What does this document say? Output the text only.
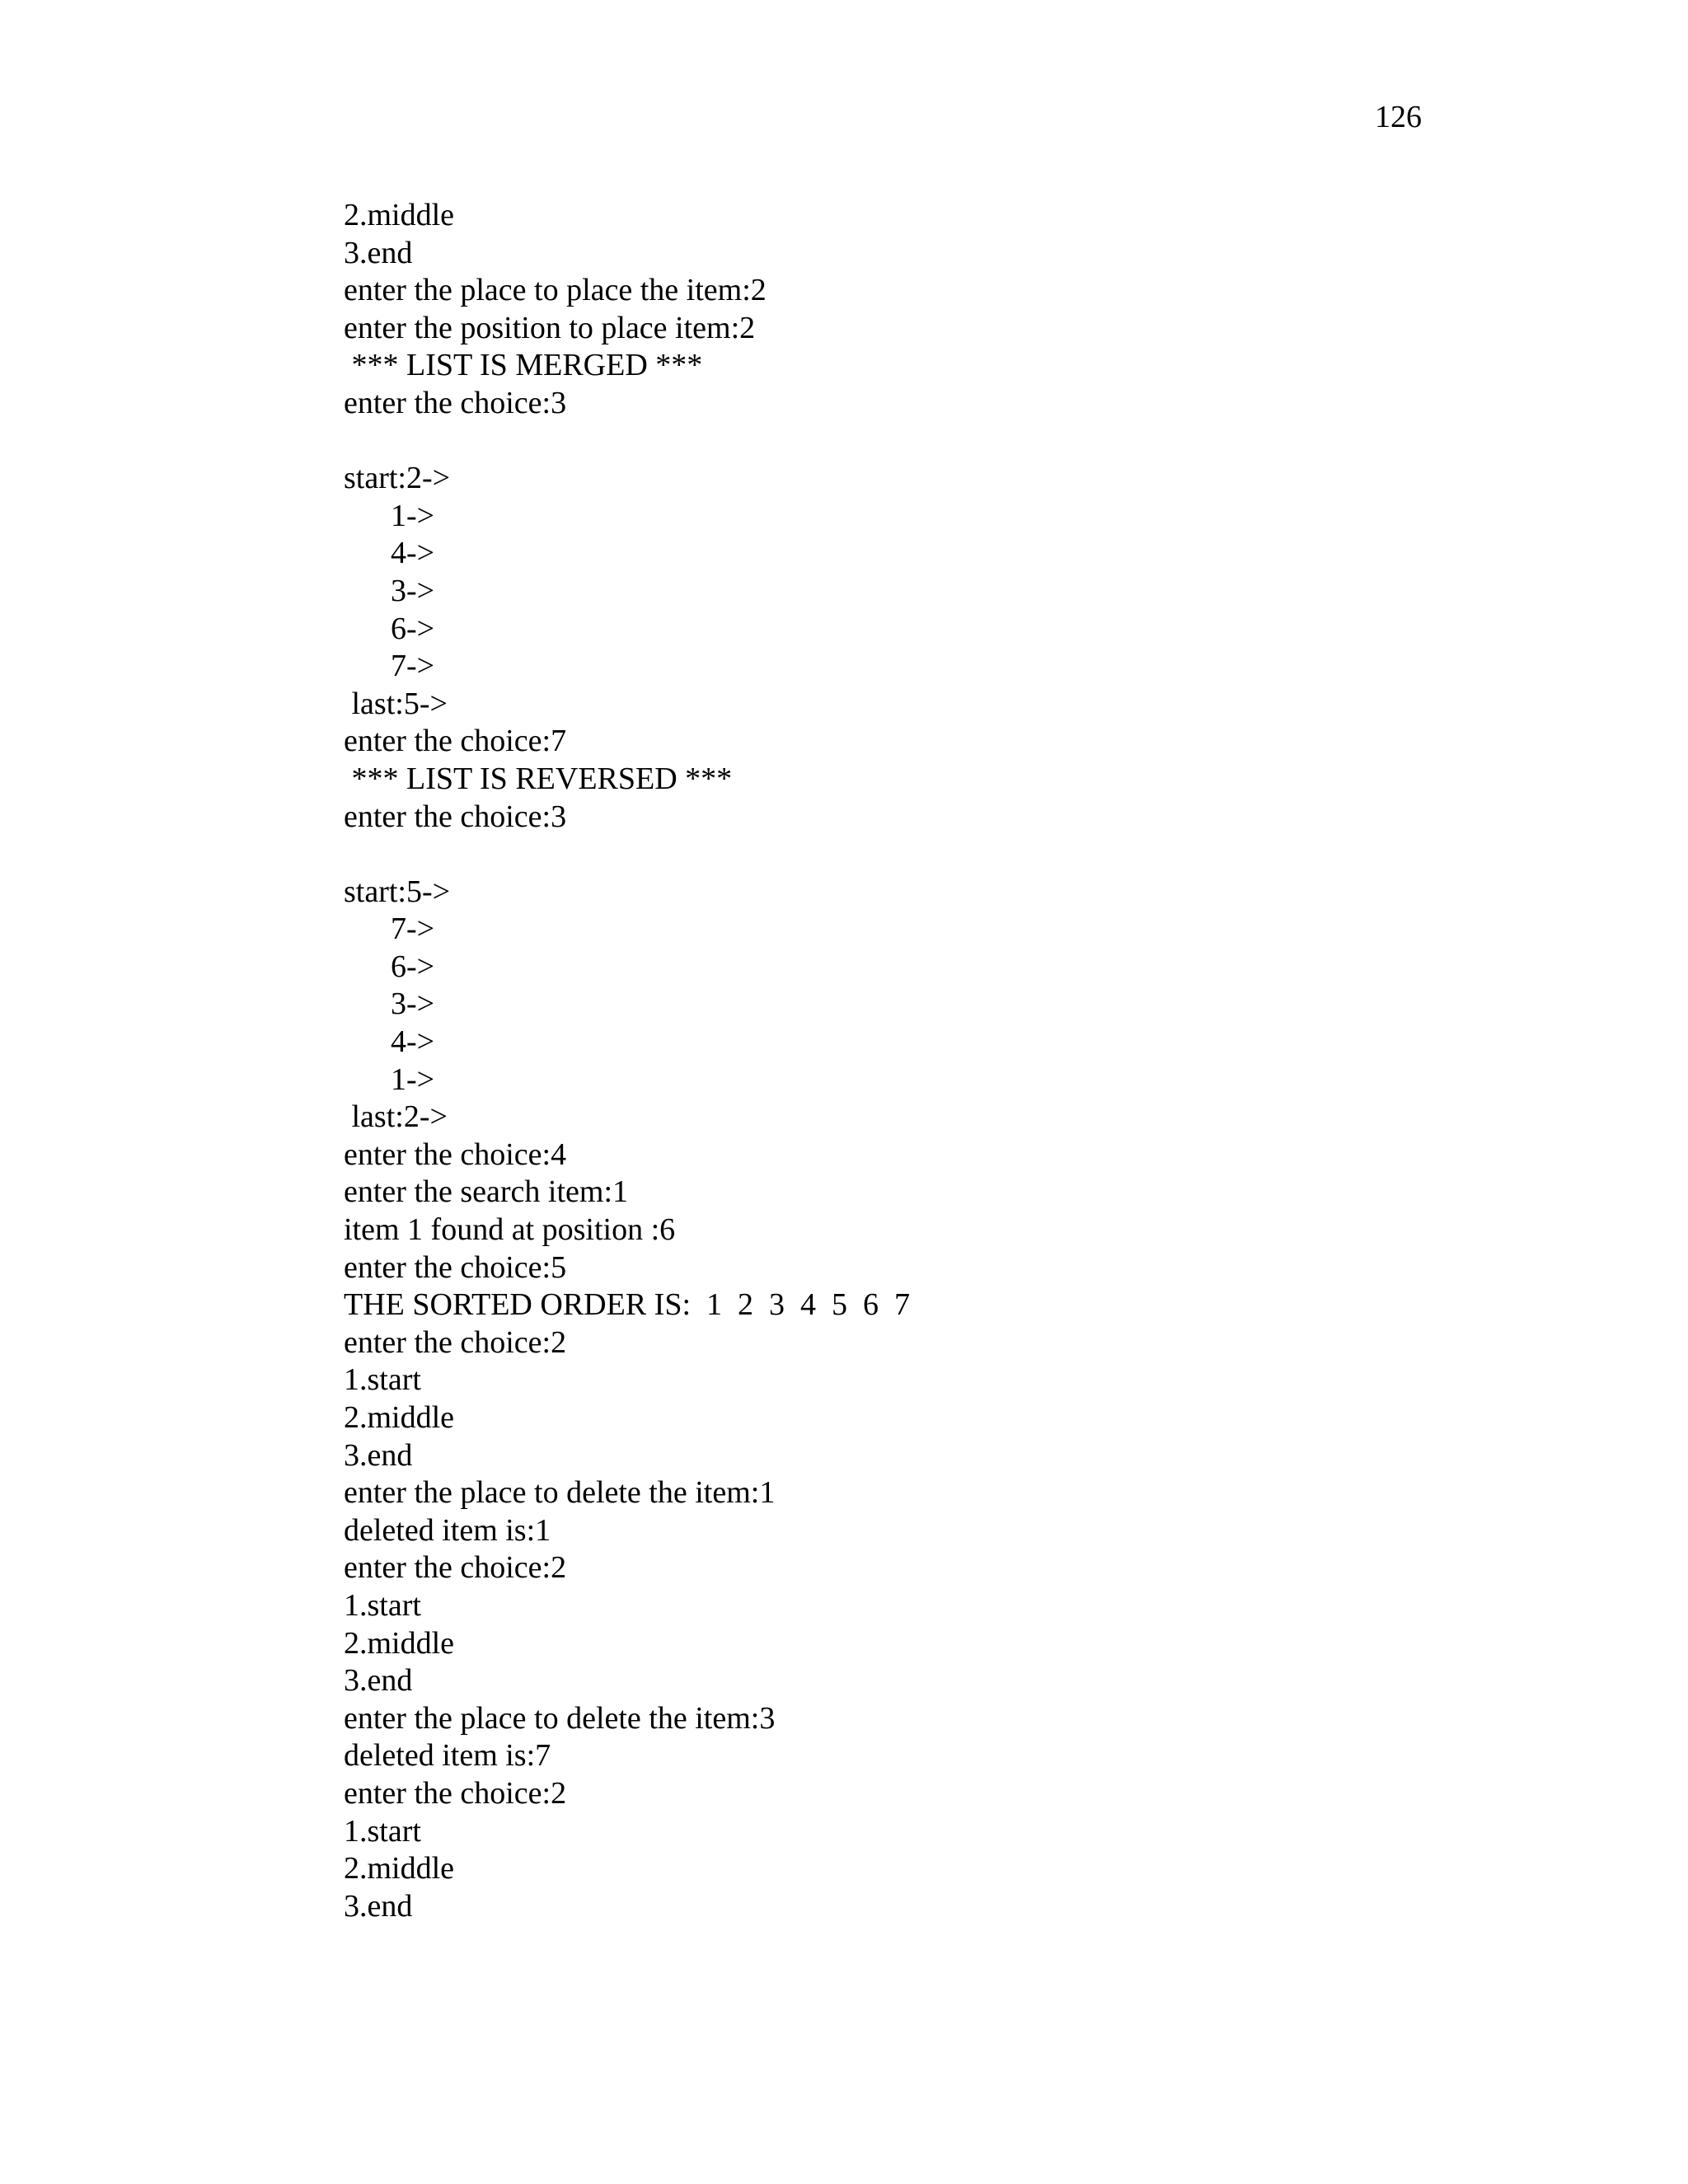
126
2.middle
3.end
enter the place to place the item:2
enter the position to place item:2
*** LIST IS MERGED ***
enter the choice:3
start:2->
1->
4->
3->
6->
7->
last:5->
enter the choice:7
*** LIST IS REVERSED ***
enter the choice:3
start:5->
7->
6->
3->
4->
1->
last:2->
enter the choice:4
enter the search item:1
item 1 found at position :6
enter the choice:5
THE SORTED ORDER IS:  1  2  3  4  5  6  7
enter the choice:2
1.start
2.middle
3.end
enter the place to delete the item:1
deleted item is:1
enter the choice:2
1.start
2.middle
3.end
enter the place to delete the item:3
deleted item is:7
enter the choice:2
1.start
2.middle
3.end
